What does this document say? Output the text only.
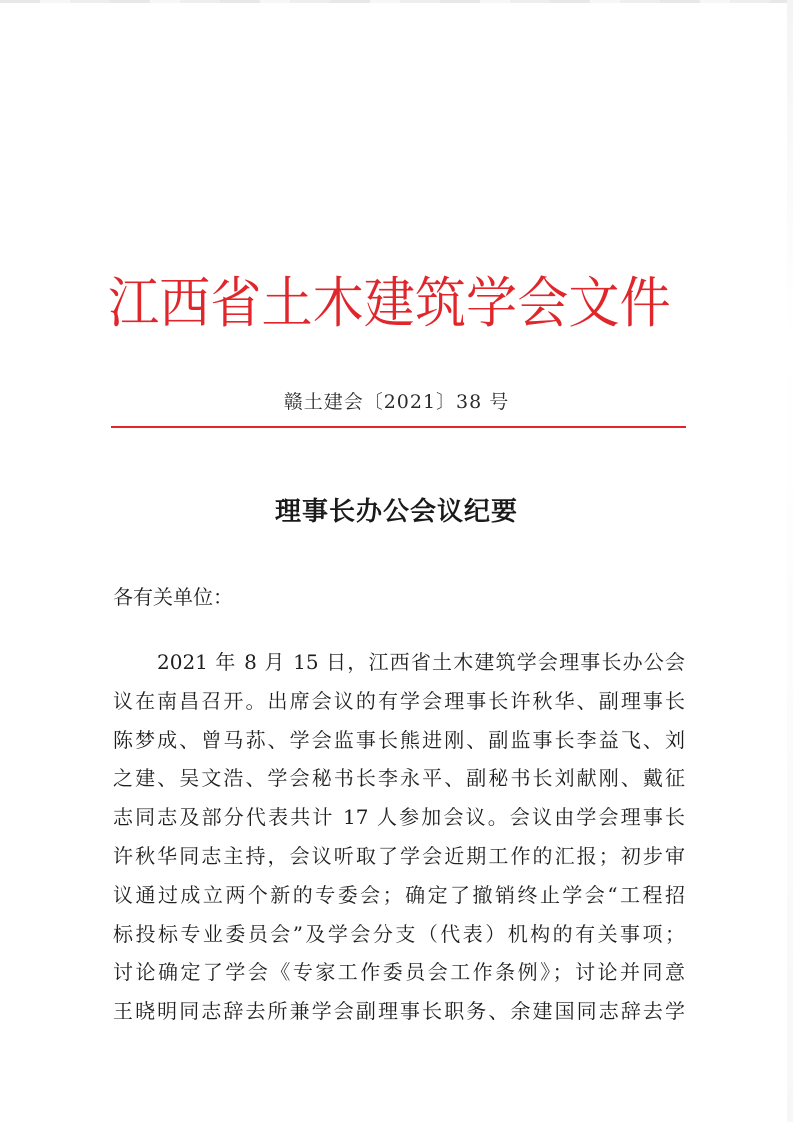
江西省土木建筑学会文件
赣土建会〔2021〕38 号
理事长办公会议纪要
各有关单位：
2021 年 8 月 15 日，江西省土木建筑学会理事长办公会
议在南昌召开。出席会议的有学会理事长许秋华、副理事长
陈梦成、曾马荪、学会监事长熊进刚、副监事长李益飞、刘
之建、吴文浩、学会秘书长李永平、副秘书长刘献刚、戴征
志同志及部分代表共计 17 人参加会议。会议由学会理事长
许秋华同志主持，会议听取了学会近期工作的汇报；初步审
议通过成立两个新的专委会；确定了撤销终止学会“工程招
标投标专业委员会”及学会分支（代表）机构的有关事项；
讨论确定了学会《专家工作委员会工作条例》；讨论并同意
王晓明同志辞去所兼学会副理事长职务、余建国同志辞去学
